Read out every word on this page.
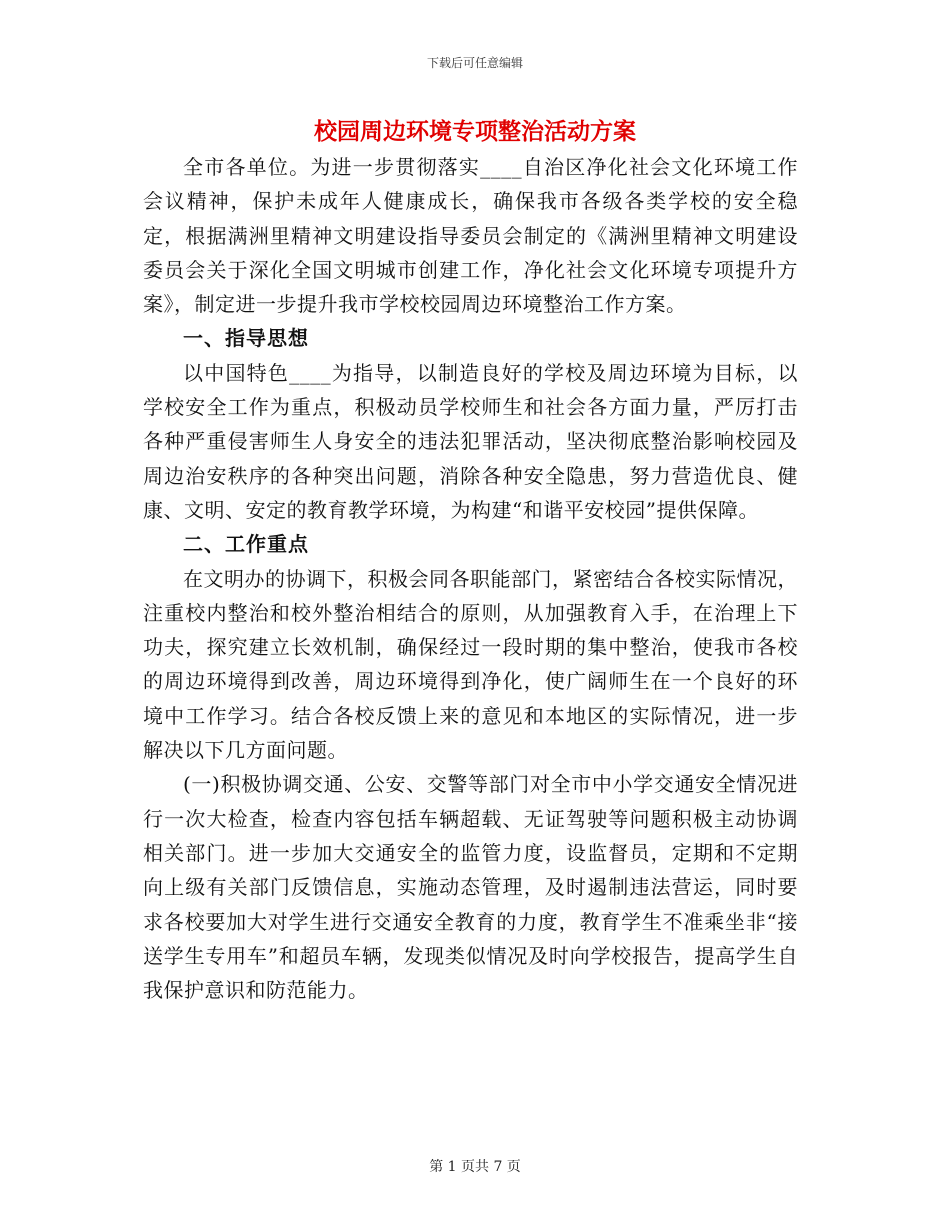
下载后可任意编辑
校园周边环境专项整治活动方案

全市各单位。为进一步贯彻落实____自治区净化社会文化环境工作会议精神，保护未成年人健康成长，确保我市各级各类学校的安全稳定，根据满洲里精神文明建设指导委员会制定的《满洲里精神文明建设委员会关于深化全国文明城市创建工作，净化社会文化环境专项提升方案》，制定进一步提升我市学校校园周边环境整治工作方案。

一、指导思想

以中国特色____为指导，以制造良好的学校及周边环境为目标，以学校安全工作为重点，积极动员学校师生和社会各方面力量，严厉打击各种严重侵害师生人身安全的违法犯罪活动，坚决彻底整治影响校园及周边治安秩序的各种突出问题，消除各种安全隐患，努力营造优良、健康、文明、安定的教育教学环境，为构建“和谐平安校园”提供保障。

二、工作重点

在文明办的协调下，积极会同各职能部门，紧密结合各校实际情况，注重校内整治和校外整治相结合的原则，从加强教育入手，在治理上下功夫，探究建立长效机制，确保经过一段时期的集中整治，使我市各校的周边环境得到改善，周边环境得到净化，使广阔师生在一个良好的环境中工作学习。结合各校反馈上来的意见和本地区的实际情况，进一步解决以下几方面问题。

(一)积极协调交通、公安、交警等部门对全市中小学交通安全情况进行一次大检查，检查内容包括车辆超载、无证驾驶等问题积极主动协调相关部门。进一步加大交通安全的监管力度，设监督员，定期和不定期向上级有关部门反馈信息，实施动态管理，及时遏制违法营运，同时要求各校要加大对学生进行交通安全教育的力度，教育学生不准乘坐非“接送学生专用车”和超员车辆，发现类似情况及时向学校报告，提高学生自我保护意识和防范能力。

第 1 页共 7 页
